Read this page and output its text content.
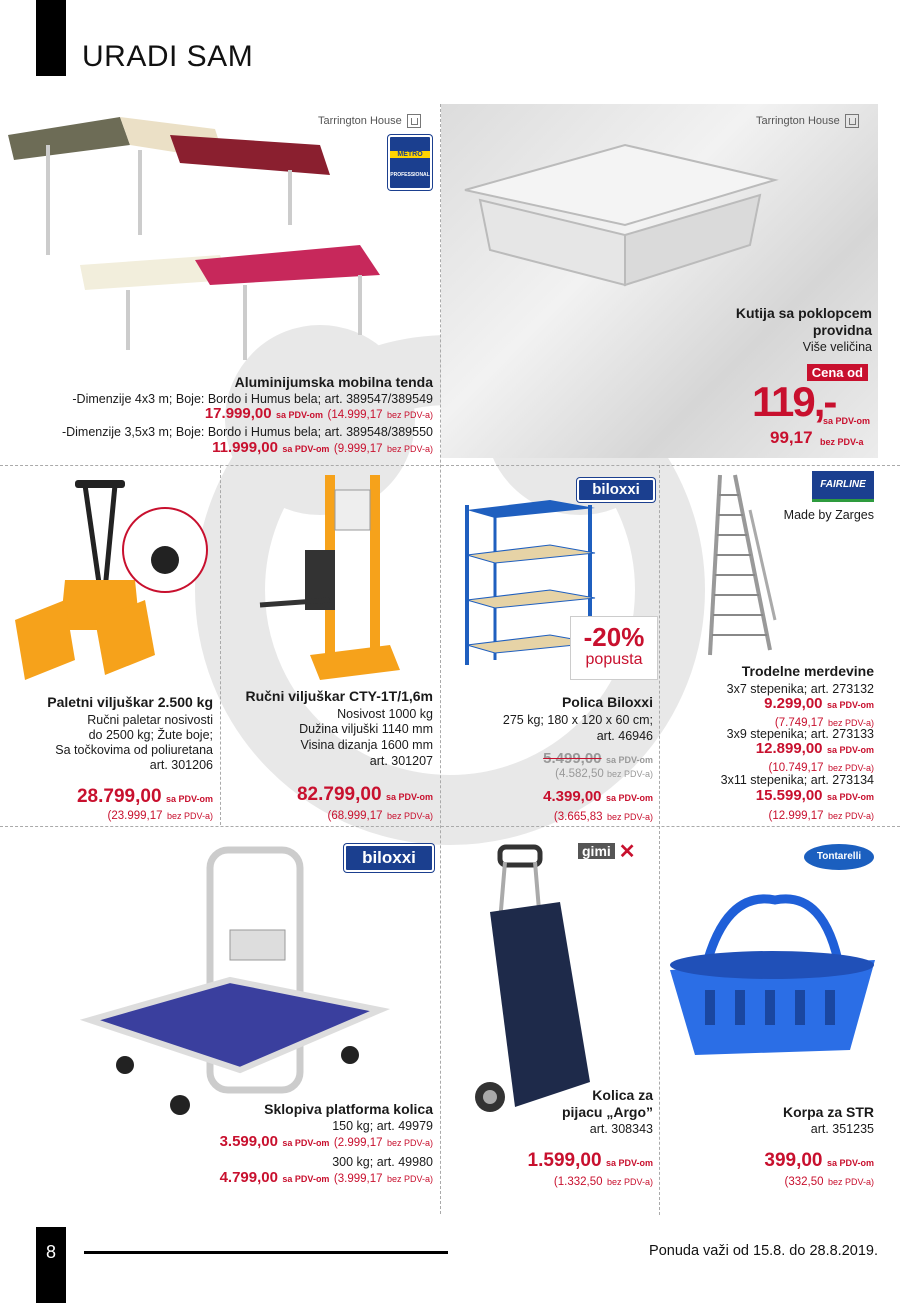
URADI SAM
Tarrington House
METRO
PROFESSIONAL
Aluminijumska mobilna tenda
-Dimenzije 4x3 m; Boje: Bordo i Humus bela; art. 389547/389549
17.999,00 sa PDV-om (14.999,17 bez PDV-a)
-Dimenzije 3,5x3 m; Boje: Bordo i Humus bela; art. 389548/389550
11.999,00 sa PDV-om (9.999,17 bez PDV-a)
Tarrington House
Kutija sa poklopcem
providna
Više veličina
Cena od
119,-
sa PDV-om
99,17 bez PDV-a
Paletni viljuškar 2.500 kg
Ručni paletar nosivosti
do 2500 kg; Žute boje;
Sa točkovima od poliuretana
art. 301206
28.799,00 sa PDV-om
(23.999,17 bez PDV-a)
Ručni viljuškar CTY-1T/1,6m
Nosivost 1000 kg
Dužina viljuški 1140 mm
Visina dizanja 1600 mm
art. 301207
82.799,00 sa PDV-om
(68.999,17 bez PDV-a)
biloxxi
-20%
popusta
Polica Biloxxi
275 kg; 180 x 120 x 60 cm;
art. 46946
5.499,00 sa PDV-om
(4.582,50 bez PDV-a)
4.399,00 sa PDV-om
(3.665,83 bez PDV-a)
FAIRLINE
Made by Zarges
Trodelne merdevine
3x7 stepenika; art. 273132
9.299,00 sa PDV-om
(7.749,17 bez PDV-a)
3x9 stepenika; art. 273133
12.899,00 sa PDV-om
(10.749,17 bez PDV-a)
3x11 stepenika; art. 273134
15.599,00 sa PDV-om
(12.999,17 bez PDV-a)
biloxxi
Sklopiva platforma kolica
150 kg; art. 49979
3.599,00 sa PDV-om (2.999,17 bez PDV-a)
300 kg; art. 49980
4.799,00 sa PDV-om (3.999,17 bez PDV-a)
gimi ✕
Kolica za
pijacu „Argo”
art. 308343
1.599,00 sa PDV-om
(1.332,50 bez PDV-a)
Tontarelli
Korpa za STR
art. 351235
399,00 sa PDV-om
(332,50 bez PDV-a)
8	Ponuda važi od 15.8. do 28.8.2019.
